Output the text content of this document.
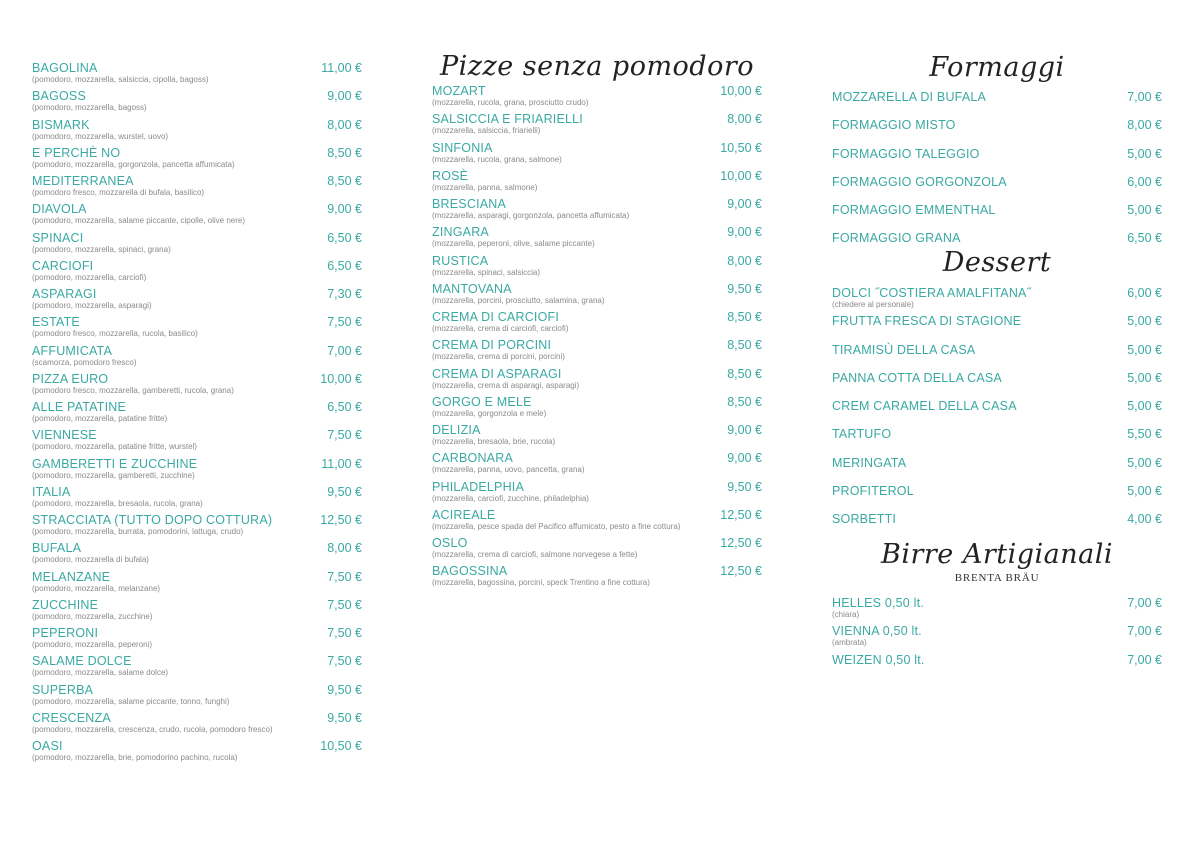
BAGOLINA
(pomodoro, mozzarella, salsiccia, cipolla, bagoss)
11,00 €
BAGOSS
(pomodoro, mozzarella, bagoss)
9,00 €
BISMARK
(pomodoro, mozzarella, wurstel, uovo)
8,00 €
E PERCHÈ NO
(pomodoro, mozzarella, gorgonzola, pancetta affumicata)
8,50 €
MEDITERRANEA
(pomodoro fresco, mozzarella di bufala, basilico)
8,50 €
DIAVOLA
(pomodoro, mozzarella, salame piccante, cipolle, olive nere)
9,00 €
SPINACI
(pomodoro, mozzarella, spinaci, grana)
6,50 €
CARCIOFI
(pomodoro, mozzarella, carciofi)
6,50 €
ASPARAGI
(pomodoro, mozzarella, asparagi)
7,30 €
ESTATE
(pomodoro fresco, mozzarella, rucola, basilico)
7,50 €
AFFUMICATA
(scamorza, pomodoro fresco)
7,00 €
PIZZA EURO
(pomodoro fresco, mozzarella, gamberetti, rucola, grana)
10,00 €
ALLE PATATINE
(pomodoro, mozzarella, patatine fritte)
6,50 €
VIENNESE
(pomodoro, mozzarella, patatine fritte, wurstel)
7,50 €
GAMBERETTI E ZUCCHINE
(pomodoro, mozzarella, gamberetti, zucchine)
11,00 €
ITALIA
(pomodoro, mozzarella, bresaola, rucola, grana)
9,50 €
STRACCIATA (TUTTO DOPO COTTURA)
(pomodoro, mozzarella, burrata, pomodorini, lattuga, crudo)
12,50 €
BUFALA
(pomodoro, mozzarella di bufala)
8,00 €
MELANZANE
(pomodoro, mozzarella, melanzane)
7,50 €
ZUCCHINE
(pomodoro, mozzarella, zucchine)
7,50 €
PEPERONI
(pomodoro, mozzarella, peperoni)
7,50 €
SALAME DOLCE
(pomodoro, mozzarella, salame dolce)
7,50 €
SUPERBA
(pomodoro, mozzarella, salame piccante, tonno, funghi)
9,50 €
CRESCENZA
(pomodoro, mozzarella, crescenza, crudo, rucola, pomodoro fresco)
9,50 €
OASI
(pomodoro, mozzarella, brie, pomodorino pachino, rucola)
10,50 €
Pizze senza pomodoro
MOZART
(mozzarella, rucola, grana, prosciutto crudo)
10,00 €
SALSICCIA E FRIARIELLI
(mozzarella, salsiccia, friarielli)
8,00 €
SINFONIA
(mozzarella, rucola, grana, salmone)
10,50 €
ROSÈ
(mozzarella, panna, salmone)
10,00 €
BRESCIANA
(mozzarella, asparagi, gorgonzola, pancetta affumicata)
9,00 €
ZINGARA
(mozzarella, peperoni, olive, salame piccante)
9,00 €
RUSTICA
(mozzarella, spinaci, salsiccia)
8,00 €
MANTOVANA
(mozzarella, porcini, prosciutto, salamina, grana)
9,50 €
CREMA DI CARCIOFI
(mozzarella, crema di carciofi, carciofi)
8,50 €
CREMA DI PORCINI
(mozzarella, crema di porcini, porcini)
8,50 €
CREMA DI ASPARAGI
(mozzarella, crema di asparagi, asparagi)
8,50 €
GORGO E MELE
(mozzarella, gorgonzola e mele)
8,50 €
DELIZIA
(mozzarella, bresaola, brie, rucola)
9,00 €
CARBONARA
(mozzarella, panna, uovo, pancetta, grana)
9,00 €
PHILADELPHIA
(mozzarella, carciofi, zucchine, philadelphia)
9,50 €
ACIREALE
(mozzarella, pesce spada del Pacifico affumicato, pesto a fine cottura)
12,50 €
OSLO
(mozzarella, crema di carciofi, salmone norvegese a fette)
12,50 €
BAGOSSINA
(mozzarella, bagossina, porcini, speck Trentino a fine cottura)
12,50 €
Formaggi
Dessert
Birre Artigianali
BRENTA BRÄU
MOZZARELLA DI BUFALA	7,00 €
FORMAGGIO MISTO	8,00 €
FORMAGGIO TALEGGIO	5,00 €
FORMAGGIO GORGONZOLA	6,00 €
FORMAGGIO EMMENTHAL	5,00 €
FORMAGGIO GRANA	6,50 €
DOLCI ˝COSTIERA AMALFITANA˝
(chiedere al personale)
6,00 €
FRUTTA FRESCA DI STAGIONE	5,00 €
TIRAMISÙ DELLA CASA	5,00 €
PANNA COTTA DELLA CASA	5,00 €
CREM CARAMEL DELLA CASA	5,00 €
TARTUFO	5,50 €
MERINGATA	5,00 €
PROFITEROL	5,00 €
SORBETTI	4,00 €
HELLES 0,50 lt.
(chiara)
7,00 €
VIENNA 0,50 lt.
(ambrata)
7,00 €
WEIZEN 0,50 lt.	7,00 €
